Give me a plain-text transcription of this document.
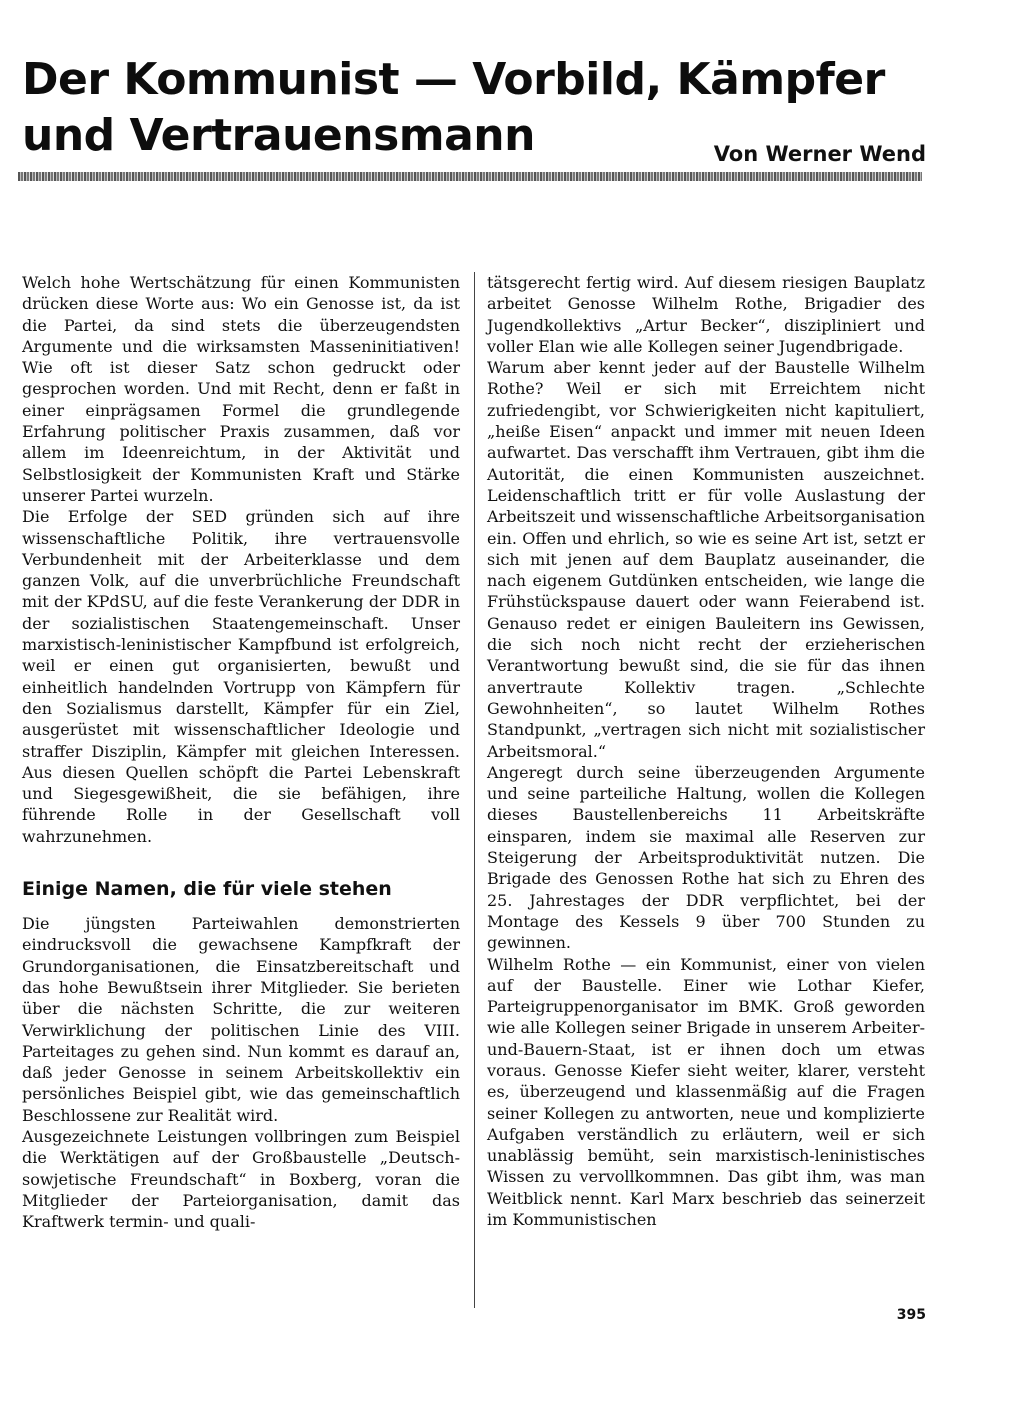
Der Kommunist — Vorbild, Kämpfer und Vertrauensmann	Von Werner Wend

Welch hohe Wertschätzung für einen Kommunisten drücken diese Worte aus: Wo ein Genosse ist, da ist die Partei, da sind stets die überzeugendsten Argumente und die wirksamsten Masseninitiativen! Wie oft ist dieser Satz schon gedruckt oder gesprochen worden. Und mit Recht, denn er faßt in einer einprägsamen Formel die grundlegende Erfahrung politischer Praxis zusammen, daß vor allem im Ideenreichtum, in der Aktivität und Selbstlosigkeit der Kommunisten Kraft und Stärke unserer Partei wurzeln.

Die Erfolge der SED gründen sich auf ihre wissenschaftliche Politik, ihre vertrauensvolle Verbundenheit mit der Arbeiterklasse und dem ganzen Volk, auf die unverbrüchliche Freundschaft mit der KPdSU, auf die feste Verankerung der DDR in der sozialistischen Staatengemeinschaft. Unser marxistisch-leninistischer Kampfbund ist erfolgreich, weil er einen gut organisierten, bewußt und einheitlich handelnden Vortrupp von Kämpfern für den Sozialismus darstellt, Kämpfer für ein Ziel, ausgerüstet mit wissenschaftlicher Ideologie und straffer Disziplin, Kämpfer mit gleichen Interessen. Aus diesen Quellen schöpft die Partei Lebenskraft und Siegesgewißheit, die sie befähigen, ihre führende Rolle in der Gesellschaft voll wahrzunehmen.

Einige Namen, die für viele stehen

Die jüngsten Parteiwahlen demonstrierten eindrucksvoll die gewachsene Kampfkraft der Grundorganisationen, die Einsatzbereitschaft und das hohe Bewußtsein ihrer Mitglieder. Sie berieten über die nächsten Schritte, die zur weiteren Verwirklichung der politischen Linie des VIII. Parteitages zu gehen sind. Nun kommt es darauf an, daß jeder Genosse in seinem Arbeitskollektiv ein persönliches Beispiel gibt, wie das gemeinschaftlich Beschlossene zur Realität wird.

Ausgezeichnete Leistungen vollbringen zum Beispiel die Werktätigen auf der Großbaustelle „Deutsch-sowjetische Freundschaft“ in Boxberg, voran die Mitglieder der Parteiorganisation, damit das Kraftwerk termin- und quali-

tätsgerecht fertig wird. Auf diesem riesigen Bauplatz arbeitet Genosse Wilhelm Rothe, Brigadier des Jugendkollektivs „Artur Becker“, diszipliniert und voller Elan wie alle Kollegen seiner Jugendbrigade.

Warum aber kennt jeder auf der Baustelle Wilhelm Rothe? Weil er sich mit Erreichtem nicht zufriedengibt, vor Schwierigkeiten nicht kapituliert, „heiße Eisen“ anpackt und immer mit neuen Ideen aufwartet. Das verschafft ihm Vertrauen, gibt ihm die Autorität, die einen Kommunisten auszeichnet. Leidenschaftlich tritt er für volle Auslastung der Arbeitszeit und wissenschaftliche Arbeitsorganisation ein. Offen und ehrlich, so wie es seine Art ist, setzt er sich mit jenen auf dem Bauplatz auseinander, die nach eigenem Gutdünken entscheiden, wie lange die Frühstückspause dauert oder wann Feierabend ist. Genauso redet er einigen Bauleitern ins Gewissen, die sich noch nicht recht der erzieherischen Verantwortung bewußt sind, die sie für das ihnen anvertraute Kollektiv tragen. „Schlechte Gewohnheiten“, so lautet Wilhelm Rothes Standpunkt, „vertragen sich nicht mit sozialistischer Arbeitsmoral.“

Angeregt durch seine überzeugenden Argumente und seine parteiliche Haltung, wollen die Kollegen dieses Baustellenbereichs 11 Arbeitskräfte einsparen, indem sie maximal alle Reserven zur Steigerung der Arbeitsproduktivität nutzen. Die Brigade des Genossen Rothe hat sich zu Ehren des 25. Jahrestages der DDR verpflichtet, bei der Montage des Kessels 9 über 700 Stunden zu gewinnen.

Wilhelm Rothe — ein Kommunist, einer von vielen auf der Baustelle. Einer wie Lothar Kiefer, Parteigruppenorganisator im BMK. Groß geworden wie alle Kollegen seiner Brigade in unserem Arbeiter-und-Bauern-Staat, ist er ihnen doch um etwas voraus. Genosse Kiefer sieht weiter, klarer, versteht es, überzeugend und klassenmäßig auf die Fragen seiner Kollegen zu antworten, neue und komplizierte Aufgaben verständlich zu erläutern, weil er sich unablässig bemüht, sein marxistisch-leninistisches Wissen zu vervollkommnen. Das gibt ihm, was man Weitblick nennt. Karl Marx beschrieb das seinerzeit im Kommunistischen

395
